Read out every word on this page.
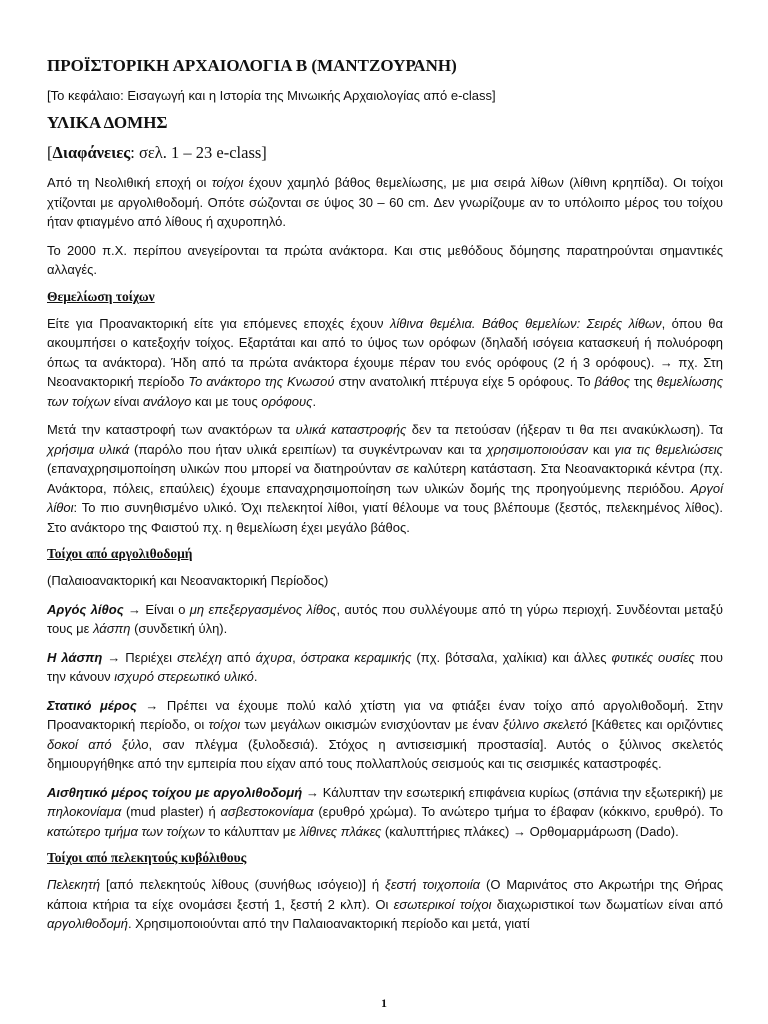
ΠΡΟΪΣΤΟΡΙΚΗ ΑΡΧΑΙΟΛΟΓΙΑ Β (ΜΑΝΤΖΟΥΡΑΝΗ)
[Το κεφάλαιο: Εισαγωγή και η Ιστορία της Μινωικής Αρχαιολογίας από e-class]
ΥΛΙΚΑ ΔΟΜΗΣ
[Διαφάνειες: σελ. 1 – 23 e-class]

Από τη Νεολιθική εποχή οι τοίχοι έχουν χαμηλό βάθος θεμελίωσης, με μια σειρά λίθων (λίθινη κρηπίδα). Οι τοίχοι χτίζονται με αργολιθοδομή. Οπότε σώζονται σε ύψος 30 – 60 cm. Δεν γνωρίζουμε αν το υπόλοιπο μέρος του τοίχου ήταν φτιαγμένο από λίθους ή αχυροπηλό.

Το 2000 π.Χ. περίπου ανεγείρονται τα πρώτα ανάκτορα. Και στις μεθόδους δόμησης παρατηρούνται σημαντικές αλλαγές.

Θεμελίωση τοίχων

Είτε για Προανακτορική είτε για επόμενες εποχές έχουν λίθινα θεμέλια. Βάθος θεμελίων: Σειρές λίθων, όπου θα ακουμπήσει ο κατεξοχήν τοίχος. Εξαρτάται και από το ύψος των ορόφων (δηλαδή ισόγεια κατασκευή ή πολυόροφη όπως τα ανάκτορα). Ήδη από τα πρώτα ανάκτορα έχουμε πέραν του ενός ορόφους (2 ή 3 ορόφους). → πχ. Στη Νεοανακτορική περίοδο Το ανάκτορο της Κνωσού στην ανατολική πτέρυγα είχε 5 ορόφους. Το βάθος της θεμελίωσης των τοίχων είναι ανάλογο και με τους ορόφους.

Μετά την καταστροφή των ανακτόρων τα υλικά καταστροφής δεν τα πετούσαν (ήξεραν τι θα πει ανακύκλωση). Τα χρήσιμα υλικά (παρόλο που ήταν υλικά ερειπίων) τα συγκέντρωναν και τα χρησιμοποιούσαν και για τις θεμελιώσεις (επαναχρησιμοποίηση υλικών που μπορεί να διατηρούνταν σε καλύτερη κατάσταση. Στα Νεοανακτορικά κέντρα (πχ. Ανάκτορα, πόλεις, επαύλεις) έχουμε επαναχρησιμοποίηση των υλικών δομής της προηγούμενης περιόδου. Αργοί λίθοι: Το πιο συνηθισμένο υλικό. Όχι πελεκητοί λίθοι, γιατί θέλουμε να τους βλέπουμε (ξεστός, πελεκημένος λίθος). Στο ανάκτορο της Φαιστού πχ. η θεμελίωση έχει μεγάλο βάθος.

Τοίχοι από αργολιθοδομή

(Παλαιοανακτορική και Νεοανακτορική Περίοδος)

Αργός λίθος → Είναι ο μη επεξεργασμένος λίθος, αυτός που συλλέγουμε από τη γύρω περιοχή. Συνδέονται μεταξύ τους με λάσπη (συνδετική ύλη).

Η λάσπη → Περιέχει στελέχη από άχυρα, όστρακα κεραμικής (πχ. βότσαλα, χαλίκια) και άλλες φυτικές ουσίες που την κάνουν ισχυρό στερεωτικό υλικό.

Στατικό μέρος → Πρέπει να έχουμε πολύ καλό χτίστη για να φτιάξει έναν τοίχο από αργολιθοδομή. Στην Προανακτορική περίοδο, οι τοίχοι των μεγάλων οικισμών ενισχύονταν με έναν ξύλινο σκελετό [Κάθετες και οριζόντιες δοκοί από ξύλο, σαν πλέγμα (ξυλοδεσιά). Στόχος η αντισεισμική προστασία]. Αυτός ο ξύλινος σκελετός δημιουργήθηκε από την εμπειρία που είχαν από τους πολλαπλούς σεισμούς και τις σεισμικές καταστροφές.

Αισθητικό μέρος τοίχου με αργολιθοδομή → Κάλυπταν την εσωτερική επιφάνεια κυρίως (σπάνια την εξωτερική) με πηλοκονίαμα (mud plaster) ή ασβεστοκονίαμα (ερυθρό χρώμα). Το ανώτερο τμήμα το έβαφαν (κόκκινο, ερυθρό). Το κατώτερο τμήμα των τοίχων το κάλυπταν με λίθινες πλάκες (καλυπτήριες πλάκες) → Ορθομαρμάρωση (Dado).

Τοίχοι από πελεκητούς κυβόλιθους

Πελεκητή [από πελεκητούς λίθους (συνήθως ισόγειο)] ή ξεστή τοιχοποιία (Ο Μαρινάτος στο Ακρωτήρι της Θήρας κάποια κτήρια τα είχε ονομάσει ξεστή 1, ξεστή 2 κλπ). Οι εσωτερικοί τοίχοι διαχωριστικοί των δωματίων είναι από αργολιθοδομή. Χρησιμοποιούνται από την Παλαιοανακτορική περίοδο και μετά, γιατί

1
